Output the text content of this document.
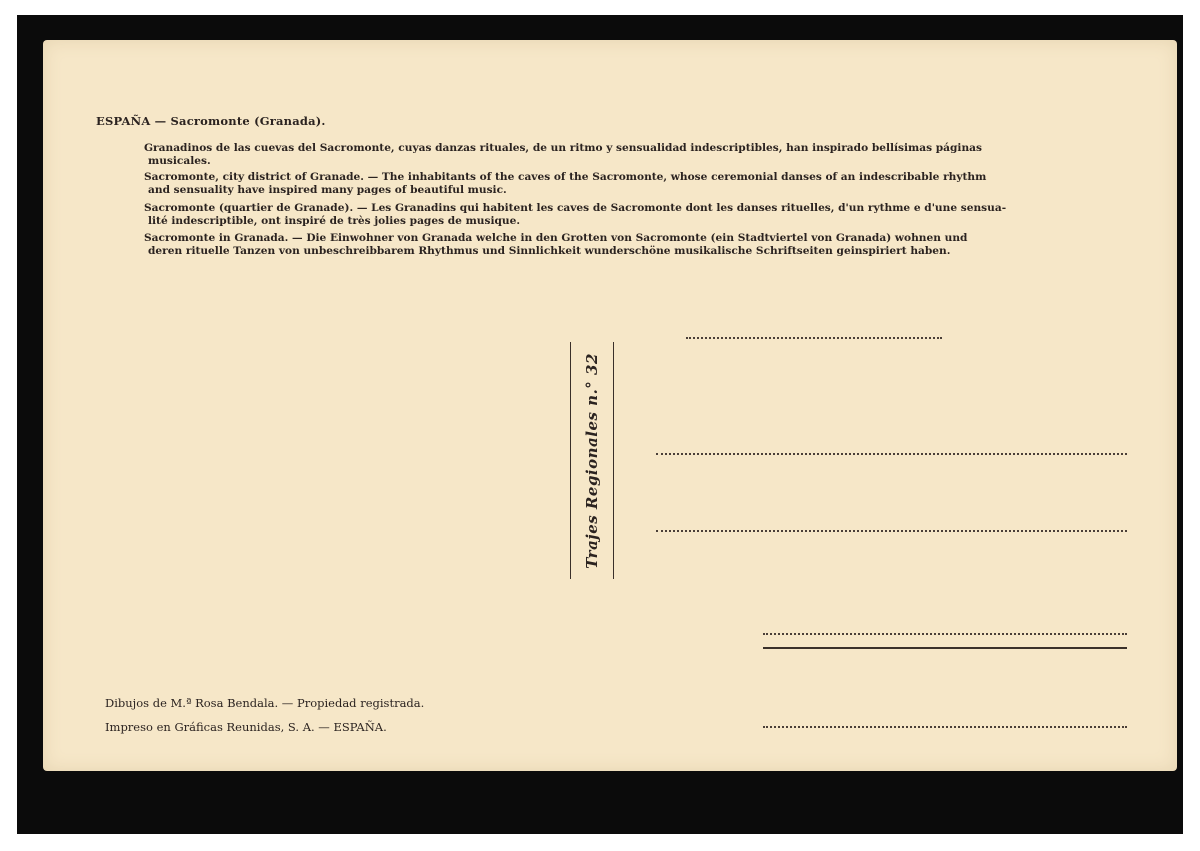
ESPAÑA — Sacromonte (Granada).
Granadinos de las cuevas del Sacromonte, cuyas danzas rituales, de un ritmo y sensualidad indescriptibles, han inspirado bellísimas páginas
musicales.
Sacromonte, city district of Granade. — The inhabitants of the caves of the Sacromonte, whose ceremonial danses of an indescribable rhythm
and sensuality have inspired many pages of beautiful music.
Sacromonte (quartier de Granade). — Les Granadins qui habitent les caves de Sacromonte dont les danses rituelles, d'un rythme e d'une sensua-
lité indescriptible, ont inspiré de très jolies pages de musique.
Sacromonte in Granada. — Die Einwohner von Granada welche in den Grotten von Sacromonte (ein Stadtviertel von Granada) wohnen und
deren rituelle Tanzen von unbeschreibbarem Rhythmus und Sinnlichkeit wunderschöne musikalische Schriftseiten geinspiriert haben.
Trajes Regionales n.° 32
Dibujos de M.ª Rosa Bendala. — Propiedad registrada.
Impreso en Gráficas Reunidas, S. A. — ESPAÑA.
